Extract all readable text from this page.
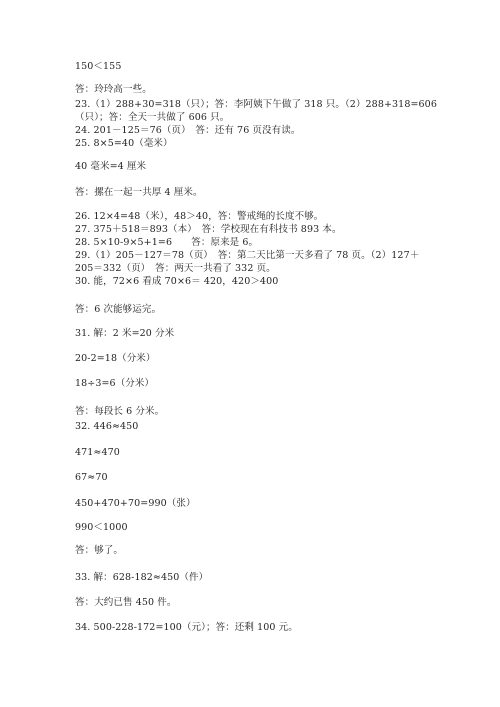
150＜155
答：玲玲高一些。
23.（1）288+30=318（只）；答：李阿姨下午做了 318 只。（2）288+318=606
（只）；答：全天一共做了 606 只。
24. 201－125＝76（页）　答：还有 76 页没有读。
25. 8×5=40（毫米）
40 毫米=4 厘米
答：摞在一起一共厚 4 厘米。
26. 12×4=48（米），48＞40，答：警戒绳的长度不够。
27. 375＋518＝893（本）　答：学校现在有科技书 893 本。
28. 5×10-9×5+1=6　　答：原来是 6。
29.（1）205－127＝78（页）　答：第二天比第一天多看了 78 页。（2）127＋
205＝332（页）　答：两天一共看了 332 页。
30. 能，72×6 看成 70×6＝ 420，420＞400
答：6 次能够运完。
31. 解：2 米=20 分米
20-2=18（分米）
18÷3=6（分米）
答：每段长 6 分米。
32. 446≈450
471≈470
67≈70
450+470+70=990（张）
990＜1000
答：够了。
33. 解：628-182≈450（件）
答：大约已售 450 件。
34. 500-228-172=100（元）；答：还剩 100 元。
